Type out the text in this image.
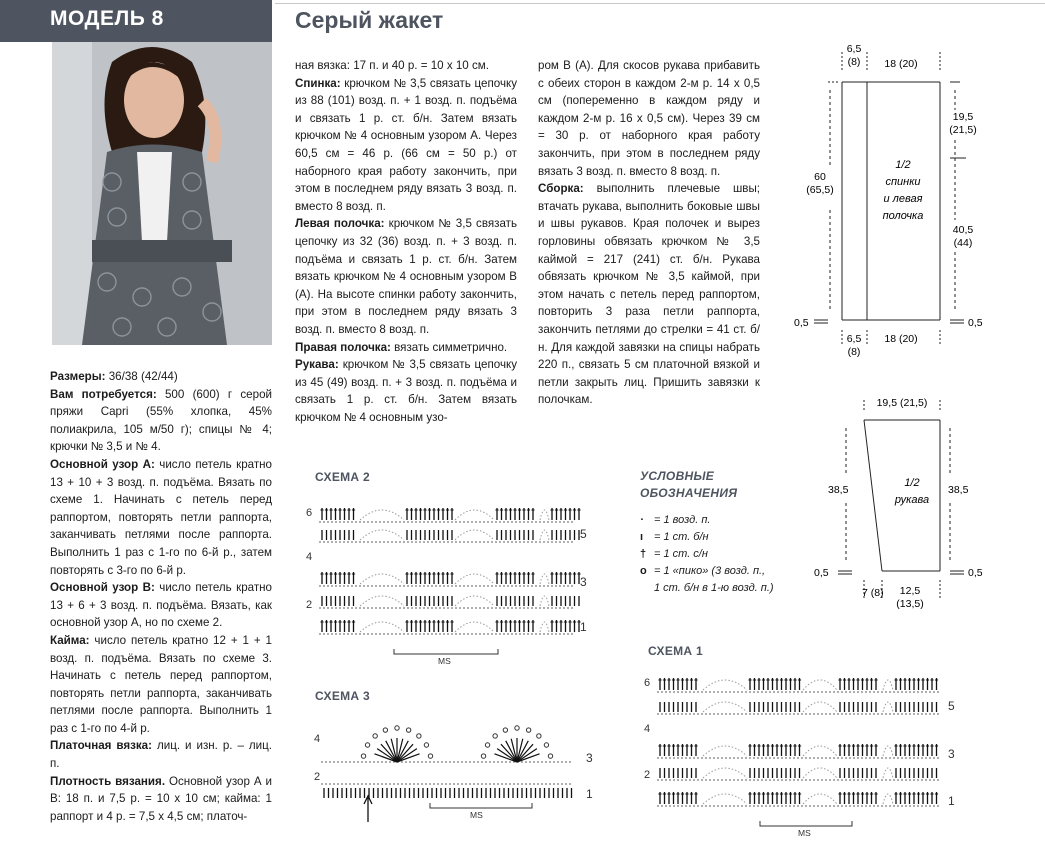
МОДЕЛЬ 8	Серый жакет

Размеры: 36/38 (42/44)

Вам потребуется: 500 (600) г серой пряжи Capri (55% хлопка, 45% полиакрила, 105 м/50 г); спицы № 4; крючки № 3,5 и № 4.

Основной узор А: число петель кратно 13 + 10 + 3 возд. п. подъёма. Вязать по схеме 1. Начинать с петель перед раппортом, повторять петли раппорта, заканчивать петлями после раппорта. Выполнить 1 раз с 1-го по 6-й р., затем повторять с 3-го по 6-й р.

Основной узор В: число петель кратно 13 + 6 + 3 возд. п. подъёма. Вязать, как основной узор А, но по схеме 2.

Кайма: число петель кратно 12 + 1 + 1 возд. п. подъёма. Вязать по схеме 3. Начинать с петель перед раппортом, повторять петли раппорта, заканчивать петлями после раппорта. Выполнить 1 раз с 1-го по 4-й р.

Платочная вязка: лиц. и изн. р. – лиц. п.

Плотность вязания. Основной узор А и В: 18 п. и 7,5 р. = 10 х 10 см; кайма: 1 раппорт и 4 р. = 7,5 х 4,5 см; платоч-

ная вязка: 17 п. и 40 р. = 10 х 10 см.

Спинка: крючком № 3,5 связать цепочку из 88 (101) возд. п. + 1 возд. п. подъёма и связать 1 р. ст. б/н. Затем вязать крючком № 4 основным узором А. Через 60,5 см = 46 р. (66 см = 50 р.) от наборного края работу закончить, при этом в последнем ряду вязать 3 возд. п. вместо 8 возд. п.

Левая полочка: крючком № 3,5 связать цепочку из 32 (36) возд. п. + 3 возд. п. подъёма и связать 1 р. ст. б/н. Затем вязать крючком № 4 основным узором В (А). На высоте спинки работу закончить, при этом в последнем ряду вязать 3 возд. п. вместо 8 возд. п.

Правая полочка: вязать симметрично.

Рукава: крючком № 3,5 связать цепочку из 45 (49) возд. п. + 3 возд. п. подъёма и связать 1 р. ст. б/н. Затем вязать крючком № 4 основным узо-

ром В (А). Для скосов рукава прибавить с обеих сторон в каждом 2-м р. 14 х 0,5 см (попеременно в каждом ряду и каждом 2-м р. 16 х 0,5 см). Через 39 см = 30 р. от наборного края работу закончить, при этом в последнем ряду вязать 3 возд. п. вместо 8 возд. п.

Сборка: выполнить плечевые швы; втачать рукава, выполнить боковые швы и швы рукавов. Края полочек и вырез горловины обвязать крючком № 3,5 каймой = 217 (241) ст. б/н. Рукава обвязать крючком № 3,5 каймой, при этом начать с петель перед раппортом, повторить 3 раза петли раппорта, закончить петлями до стрелки = 41 ст. б/н. Для каждой завязки на спицы набрать 220 п., связать 5 см платочной вязкой и петли закрыть лиц. Пришить завязки к полочкам.

6,5 (8) 18 (20)
60 (65,5)
19,5 (21,5)
40,5 (44)
1/2 спинки и левая полочка
0,5	0,5
6,5 (8)
18 (20)
19,5 (21,5)
38,5	38,5
1/2 рукава
0,5	0,5
7 (8)	12,5 (13,5)
УСЛОВНЫЕ
ОБОЗНАЧЕНИЯ
· = 1 возд. п.
ı = 1 ст. б/н
† = 1 ст. с/н
o = 1 «пико» (3 возд. п.,
1 ст. б/н в 1-ю возд. п.)
СХЕМА 2
СХЕМА 3
СХЕМА 1
6
4
2
5
3
1
MS
6
4
2
5
3
1
MS
4
2
3
1
MS
